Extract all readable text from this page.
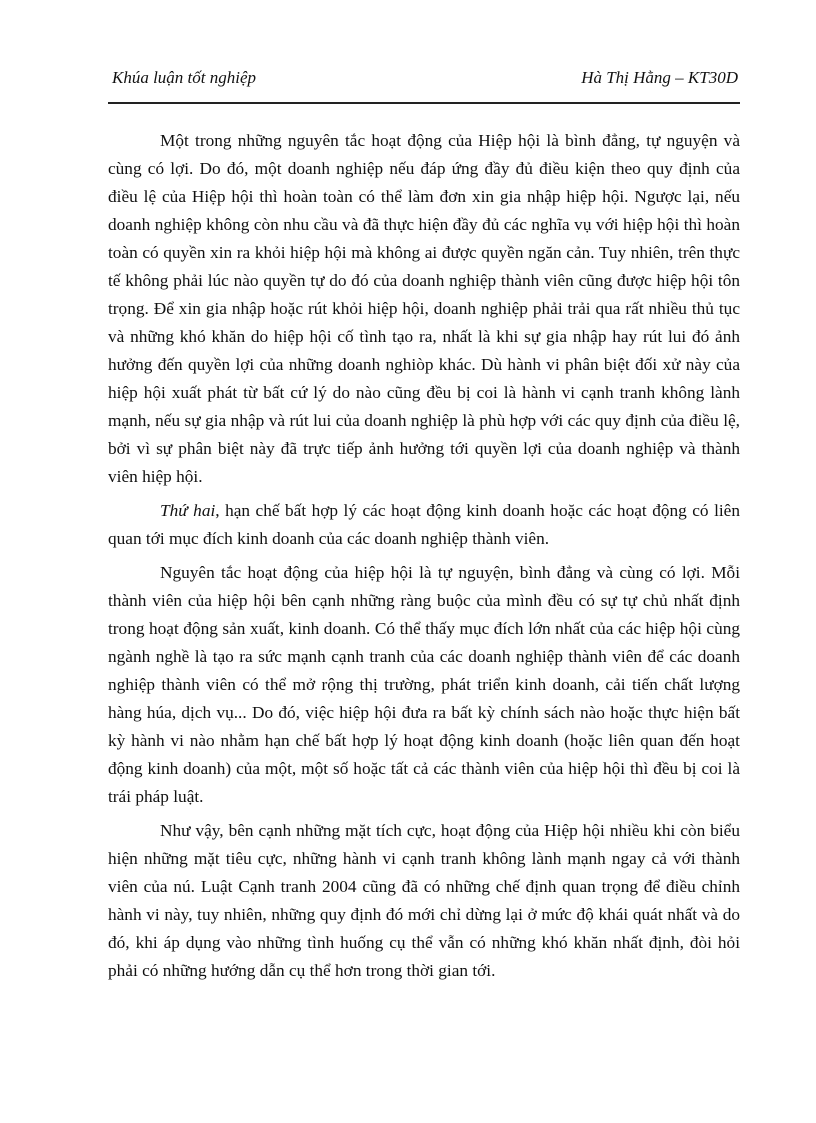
Khúa luận tốt nghiệp	Hà Thị Hằng – KT30D

Một trong những nguyên tắc hoạt động của Hiệp hội là bình đẳng, tự nguyện và cùng có lợi. Do đó, một doanh nghiệp nếu đáp ứng đầy đủ điều kiện theo quy định của điều lệ của Hiệp hội thì hoàn toàn có thể làm đơn xin gia nhập hiệp hội. Ngược lại, nếu doanh nghiệp không còn nhu cầu và đã thực hiện đầy đủ các nghĩa vụ với hiệp hội thì hoàn toàn có quyền xin ra khỏi hiệp hội mà không ai được quyền ngăn cản. Tuy nhiên, trên thực tế không phải lúc nào quyền tự do đó của doanh nghiệp thành viên cũng được hiệp hội tôn trọng. Để xin gia nhập hoặc rút khỏi hiệp hội, doanh nghiệp phải trải qua rất nhiều thủ tục và những khó khăn do hiệp hội cố tình tạo ra, nhất là khi sự gia nhập hay rút lui đó ảnh hưởng đến quyền lợi của những doanh nghiòp khác. Dù hành vi phân biệt đối xử này của hiệp hội xuất phát từ bất cứ lý do nào cũng đều bị coi là hành vi cạnh tranh không lành mạnh, nếu sự gia nhập và rút lui của doanh nghiệp là phù hợp với các quy định của điều lệ, bởi vì sự phân biệt này đã trực tiếp ảnh hưởng tới quyền lợi của doanh nghiệp và thành viên hiệp hội.

Thứ hai, hạn chế bất hợp lý các hoạt động kinh doanh hoặc các hoạt động có liên quan tới mục đích kinh doanh của các doanh nghiệp thành viên.

Nguyên tắc hoạt động của hiệp hội là tự nguyện, bình đẳng và cùng có lợi. Mỗi thành viên của hiệp hội bên cạnh những ràng buộc của mình đều có sự tự chủ nhất định trong hoạt động sản xuất, kinh doanh. Có thể thấy mục đích lớn nhất của các hiệp hội cùng ngành nghề là tạo ra sức mạnh cạnh tranh của các doanh nghiệp thành viên để các doanh nghiệp thành viên có thể mở rộng thị trường, phát triển kinh doanh, cải tiến chất lượng hàng húa, dịch vụ... Do đó, việc hiệp hội đưa ra bất kỳ chính sách nào hoặc thực hiện bất kỳ hành vi nào nhằm hạn chế bất hợp lý hoạt động kinh doanh (hoặc liên quan đến hoạt động kinh doanh) của một, một số hoặc tất cả các thành viên của hiệp hội thì đều bị coi là trái pháp luật.

Như vậy, bên cạnh những mặt tích cực, hoạt động của Hiệp hội nhiều khi còn biểu hiện những mặt tiêu cực, những hành vi cạnh tranh không lành mạnh ngay cả với thành viên của nú. Luật Cạnh tranh 2004 cũng đã có những chế định quan trọng để điều chỉnh hành vi này, tuy nhiên, những quy định đó mới chỉ dừng lại ở mức độ khái quát nhất và do đó, khi áp dụng vào những tình huống cụ thể vẫn có những khó khăn nhất định, đòi hỏi phải có những hướng dẫn cụ thể hơn trong thời gian tới.
